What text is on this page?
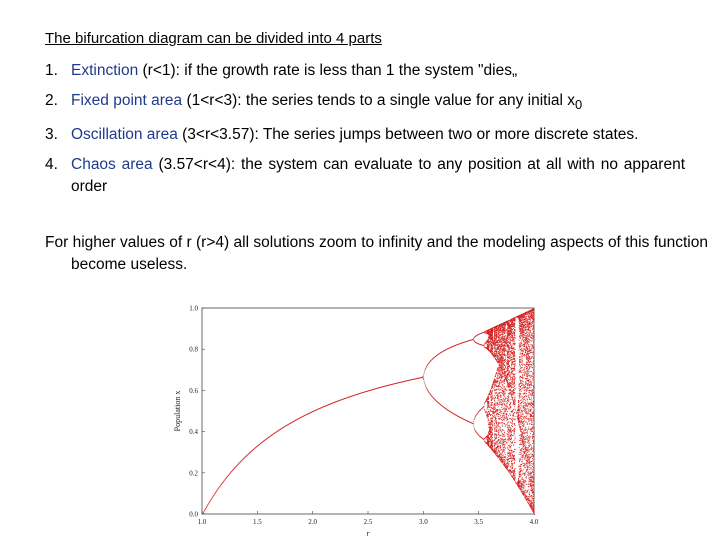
The bifurcation diagram can be divided into 4 parts
1. Extinction (r<1): if the growth rate is less than 1 the system "dies„
2. Fixed point area (1<r<3): the series tends to a single value for any initial $x_0$
3. Oscillation area (3<r<3.57): The series jumps between two or more discrete states.
4. Chaos area (3.57<r<4): the system can evaluate to any position at all with no apparent order

For higher values of r (r>4) all solutions zoom to infinity and the modeling aspects of this function become useless.

1.0	1.5	2.0	2.5	3.0	3.5	4.0
0.0
0.2
0.4
0.6
0.8
1.0
r
Population x
